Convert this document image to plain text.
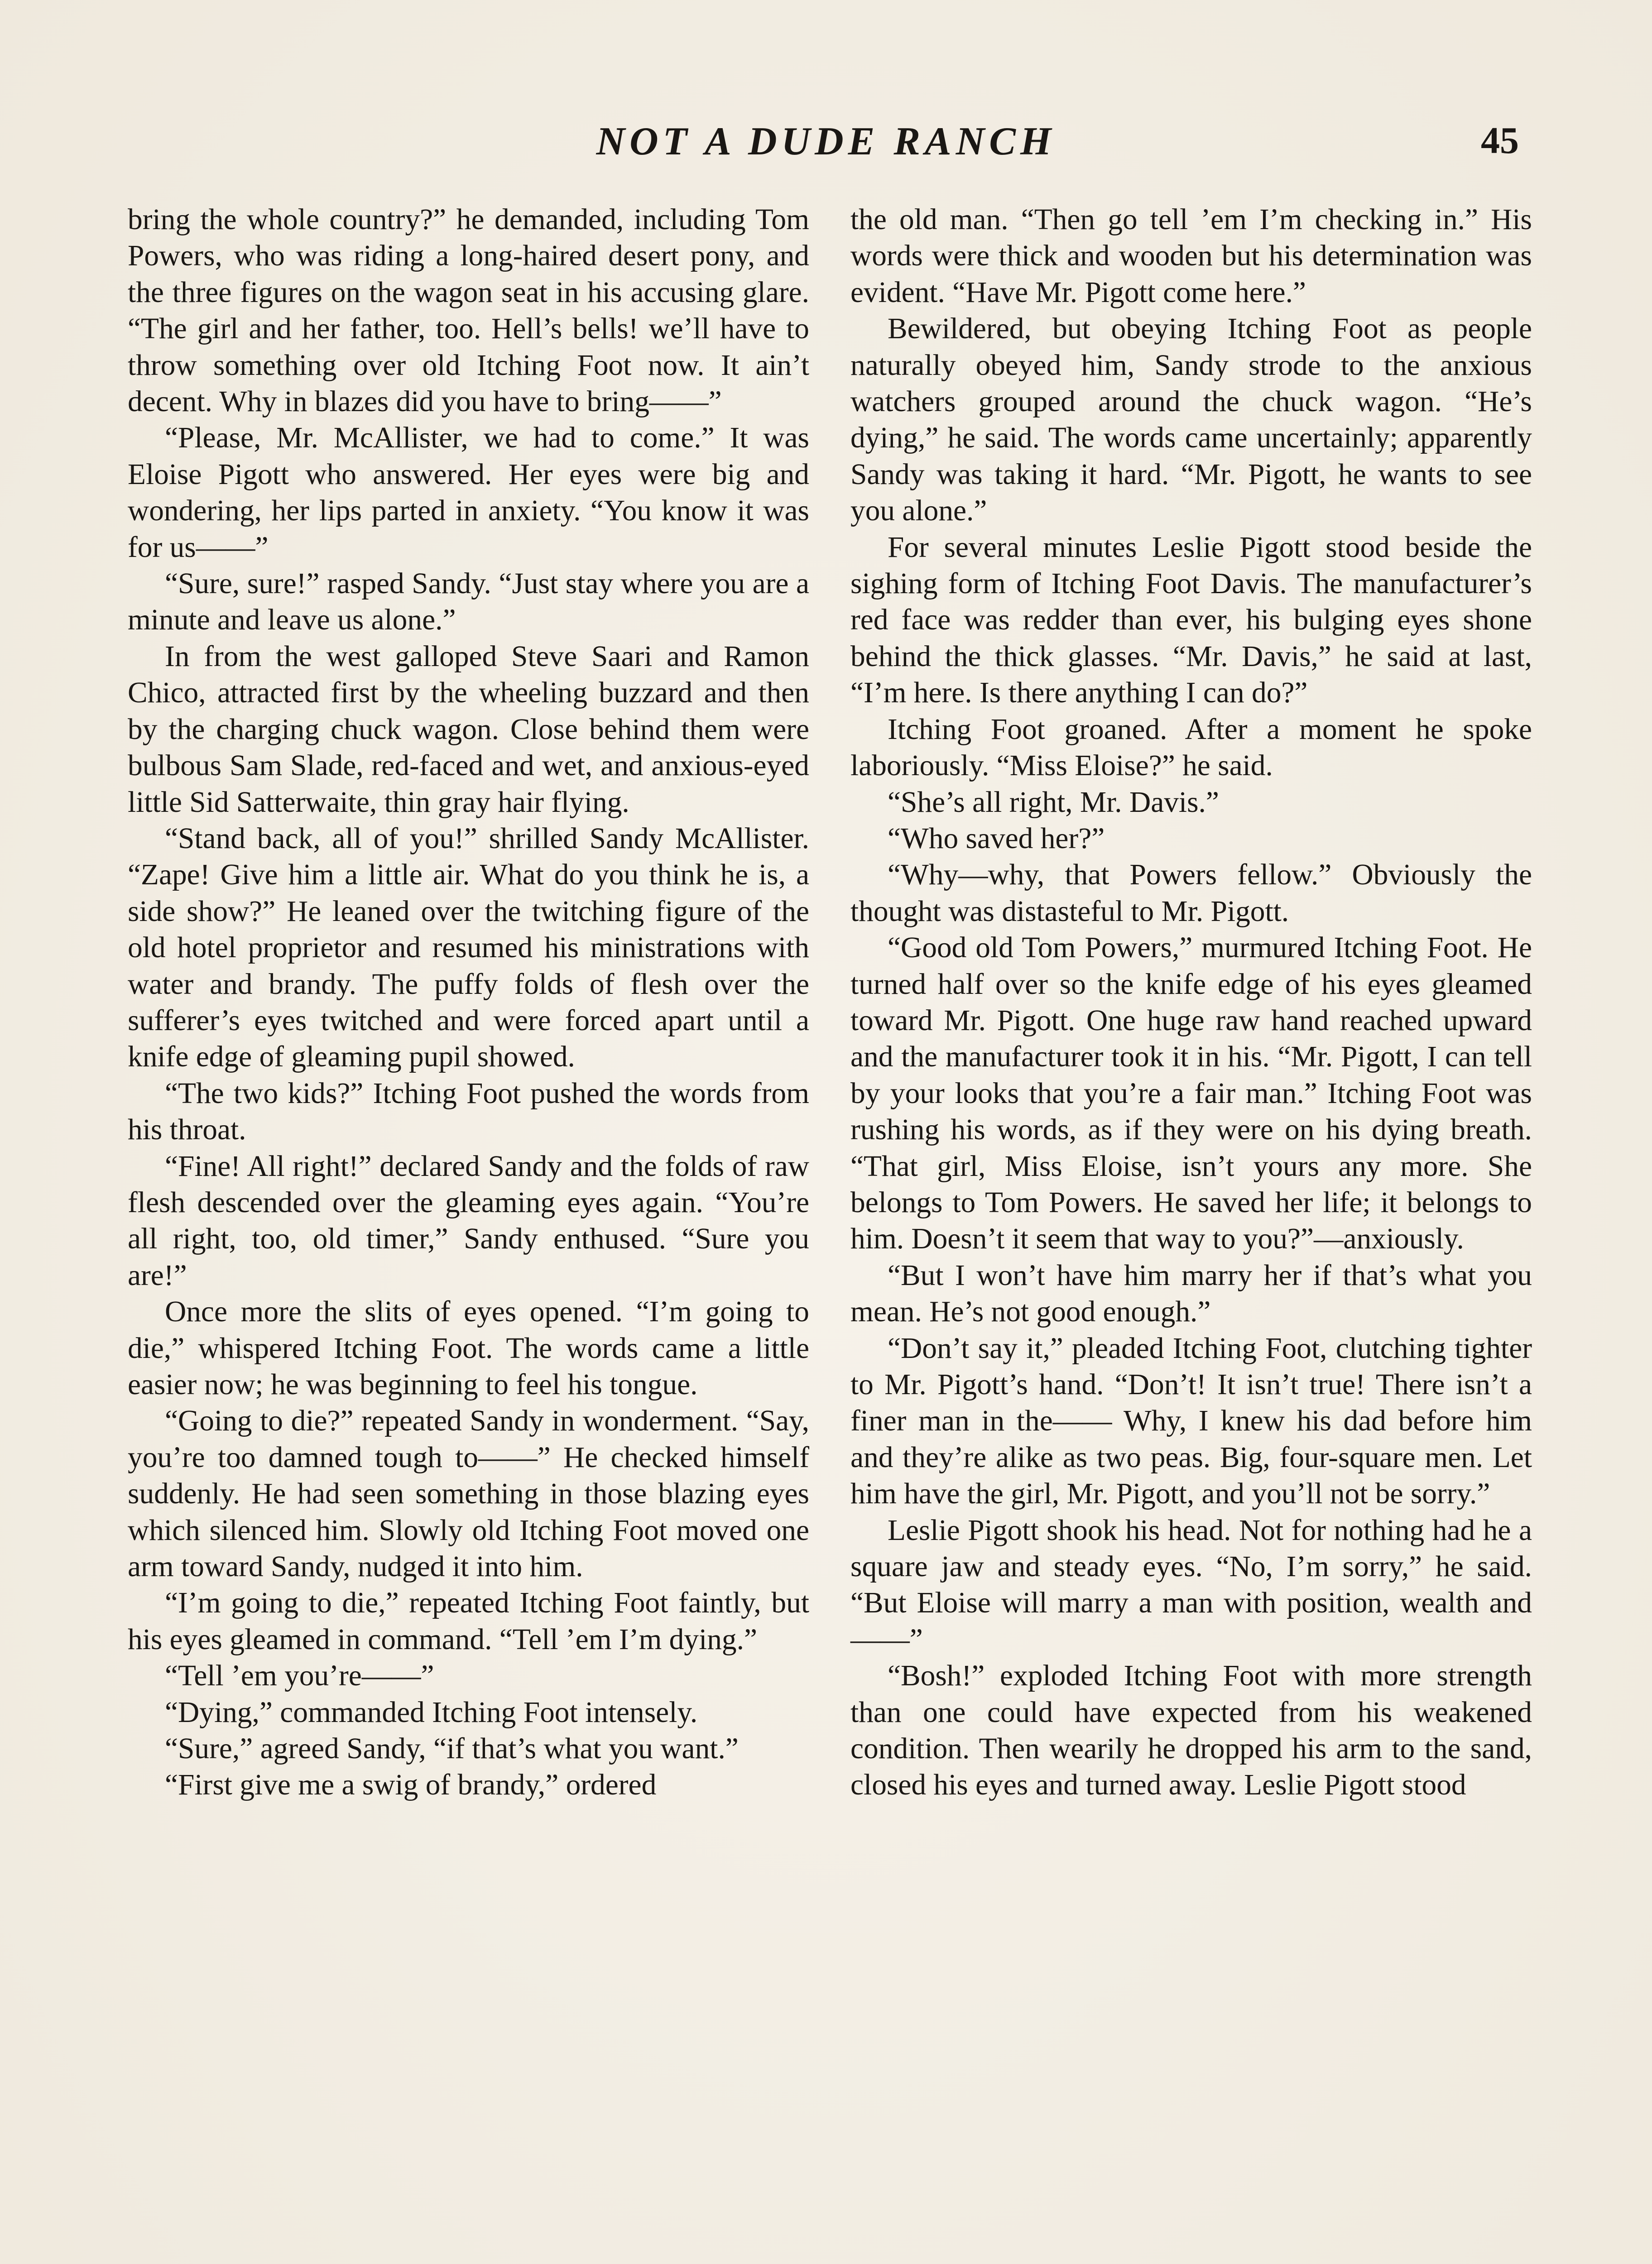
NOT A DUDE RANCH	45

bring the whole country?” he demanded, including Tom Powers, who was riding a long-haired desert pony, and the three figures on the wagon seat in his accusing glare. “The girl and her father, too. Hell’s bells! we’ll have to throw something over old Itching Foot now. It ain’t decent. Why in blazes did you have to bring——”

“Please, Mr. McAllister, we had to come.” It was Eloise Pigott who answered. Her eyes were big and wondering, her lips parted in anxiety. “You know it was for us——”

“Sure, sure!” rasped Sandy. “Just stay where you are a minute and leave us alone.”

In from the west galloped Steve Saari and Ramon Chico, attracted first by the wheeling buzzard and then by the charging chuck wagon. Close behind them were bulbous Sam Slade, red-faced and wet, and anxious-eyed little Sid Satterwaite, thin gray hair flying.

“Stand back, all of you!” shrilled Sandy McAllister. “Zape! Give him a little air. What do you think he is, a side show?” He leaned over the twitching figure of the old hotel proprietor and resumed his ministrations with water and brandy. The puffy folds of flesh over the sufferer’s eyes twitched and were forced apart until a knife edge of gleaming pupil showed.

“The two kids?” Itching Foot pushed the words from his throat.

“Fine! All right!” declared Sandy and the folds of raw flesh descended over the gleaming eyes again. “You’re all right, too, old timer,” Sandy enthused. “Sure you are!”

Once more the slits of eyes opened. “I’m going to die,” whispered Itching Foot. The words came a little easier now; he was beginning to feel his tongue.

“Going to die?” repeated Sandy in wonderment. “Say, you’re too damned tough to——” He checked himself suddenly. He had seen something in those blazing eyes which silenced him. Slowly old Itching Foot moved one arm toward Sandy, nudged it into him.

“I’m going to die,” repeated Itching Foot faintly, but his eyes gleamed in command. “Tell ’em I’m dying.”

“Tell ’em you’re——”

“Dying,” commanded Itching Foot intensely.

“Sure,” agreed Sandy, “if that’s what you want.”

“First give me a swig of brandy,” ordered

the old man. “Then go tell ’em I’m checking in.” His words were thick and wooden but his determination was evident. “Have Mr. Pigott come here.”

Bewildered, but obeying Itching Foot as people naturally obeyed him, Sandy strode to the anxious watchers grouped around the chuck wagon. “He’s dying,” he said. The words came uncertainly; apparently Sandy was taking it hard. “Mr. Pigott, he wants to see you alone.”

For several minutes Leslie Pigott stood beside the sighing form of Itching Foot Davis. The manufacturer’s red face was redder than ever, his bulging eyes shone behind the thick glasses. “Mr. Davis,” he said at last, “I’m here. Is there anything I can do?”

Itching Foot groaned. After a moment he spoke laboriously. “Miss Eloise?” he said.

“She’s all right, Mr. Davis.”

“Who saved her?”

“Why—why, that Powers fellow.” Obviously the thought was distasteful to Mr. Pigott.

“Good old Tom Powers,” murmured Itching Foot. He turned half over so the knife edge of his eyes gleamed toward Mr. Pigott. One huge raw hand reached upward and the manufacturer took it in his. “Mr. Pigott, I can tell by your looks that you’re a fair man.” Itching Foot was rushing his words, as if they were on his dying breath. “That girl, Miss Eloise, isn’t yours any more. She belongs to Tom Powers. He saved her life; it belongs to him. Doesn’t it seem that way to you?”—anxiously.

“But I won’t have him marry her if that’s what you mean. He’s not good enough.”

“Don’t say it,” pleaded Itching Foot, clutching tighter to Mr. Pigott’s hand. “Don’t! It isn’t true! There isn’t a finer man in the—— Why, I knew his dad before him and they’re alike as two peas. Big, four-square men. Let him have the girl, Mr. Pigott, and you’ll not be sorry.”

Leslie Pigott shook his head. Not for nothing had he a square jaw and steady eyes. “No, I’m sorry,” he said. “But Eloise will marry a man with position, wealth and——”

“Bosh!” exploded Itching Foot with more strength than one could have expected from his weakened condition. Then wearily he dropped his arm to the sand, closed his eyes and turned away. Leslie Pigott stood
